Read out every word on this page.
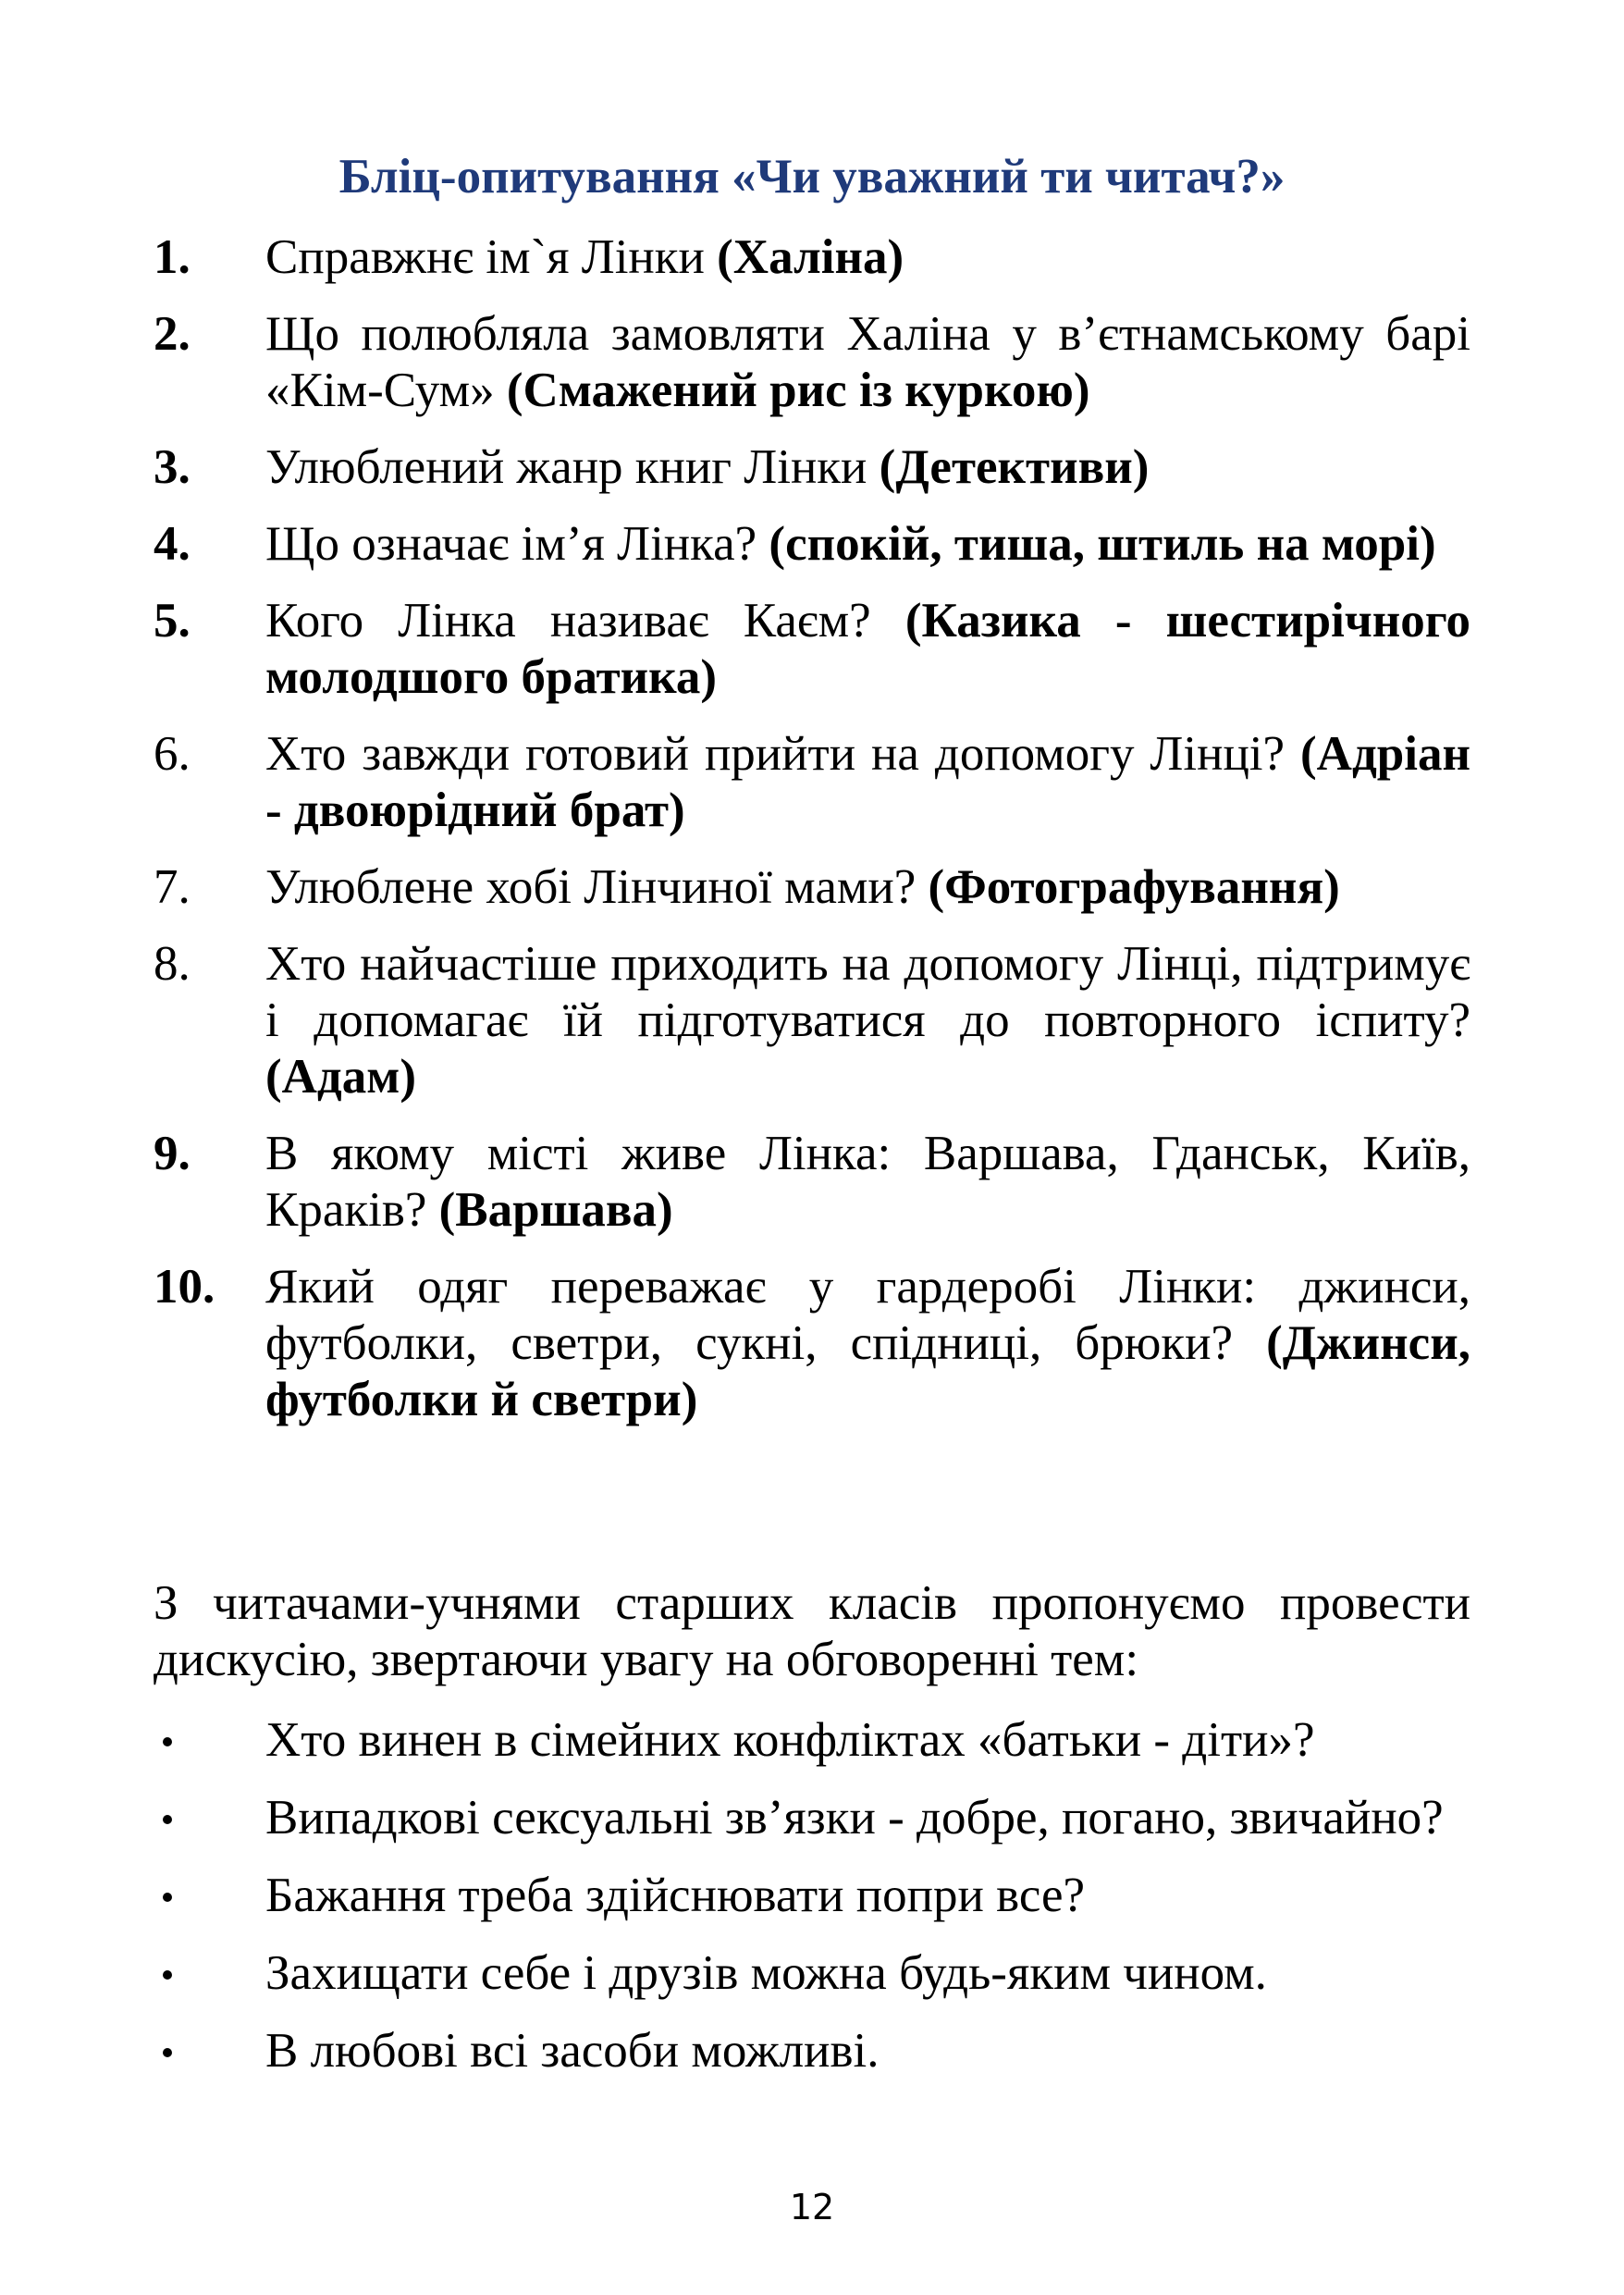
Бліц-опитування «Чи уважний ти читач?»
1. Справжнє ім`я Лінки (Халіна)
2. Що полюбляла замовляти Халіна у в’єтнамському барі «Кім-Сум» (Смажений рис із куркою)
3. Улюблений жанр книг Лінки (Детективи)
4. Що означає ім’я Лінка? (спокій, тиша, штиль на морі)
5. Кого Лінка називає Каєм? (Казика - шестирічного молодшого братика)
6. Хто завжди готовий прийти на допомогу Лінці? (Адріан - двоюрідний брат)
7. Улюблене хобі Лінчиної мами? (Фотографування)
8. Хто найчастіше приходить на допомогу Лінці, підтримує і допомагає їй підготуватися до повторного іспиту? (Адам)
9. В якому місті живе Лінка: Варшава, Гданськ, Київ, Краків? (Варшава)
10. Який одяг переважає у гардеробі Лінки: джинси, футболки, светри, сукні, спідниці, брюки? (Джинси, футболки й светри)
З читачами-учнями старших класів пропонуємо провести дискусію, звертаючи увагу на обговоренні тем:
Хто винен в сімейних конфліктах «батьки - діти»?
Випадкові сексуальні зв’язки - добре, погано, звичайно?
Бажання треба здійснювати попри все?
Захищати себе і друзів можна будь-яким чином.
В любові всі засоби можливі.
12
